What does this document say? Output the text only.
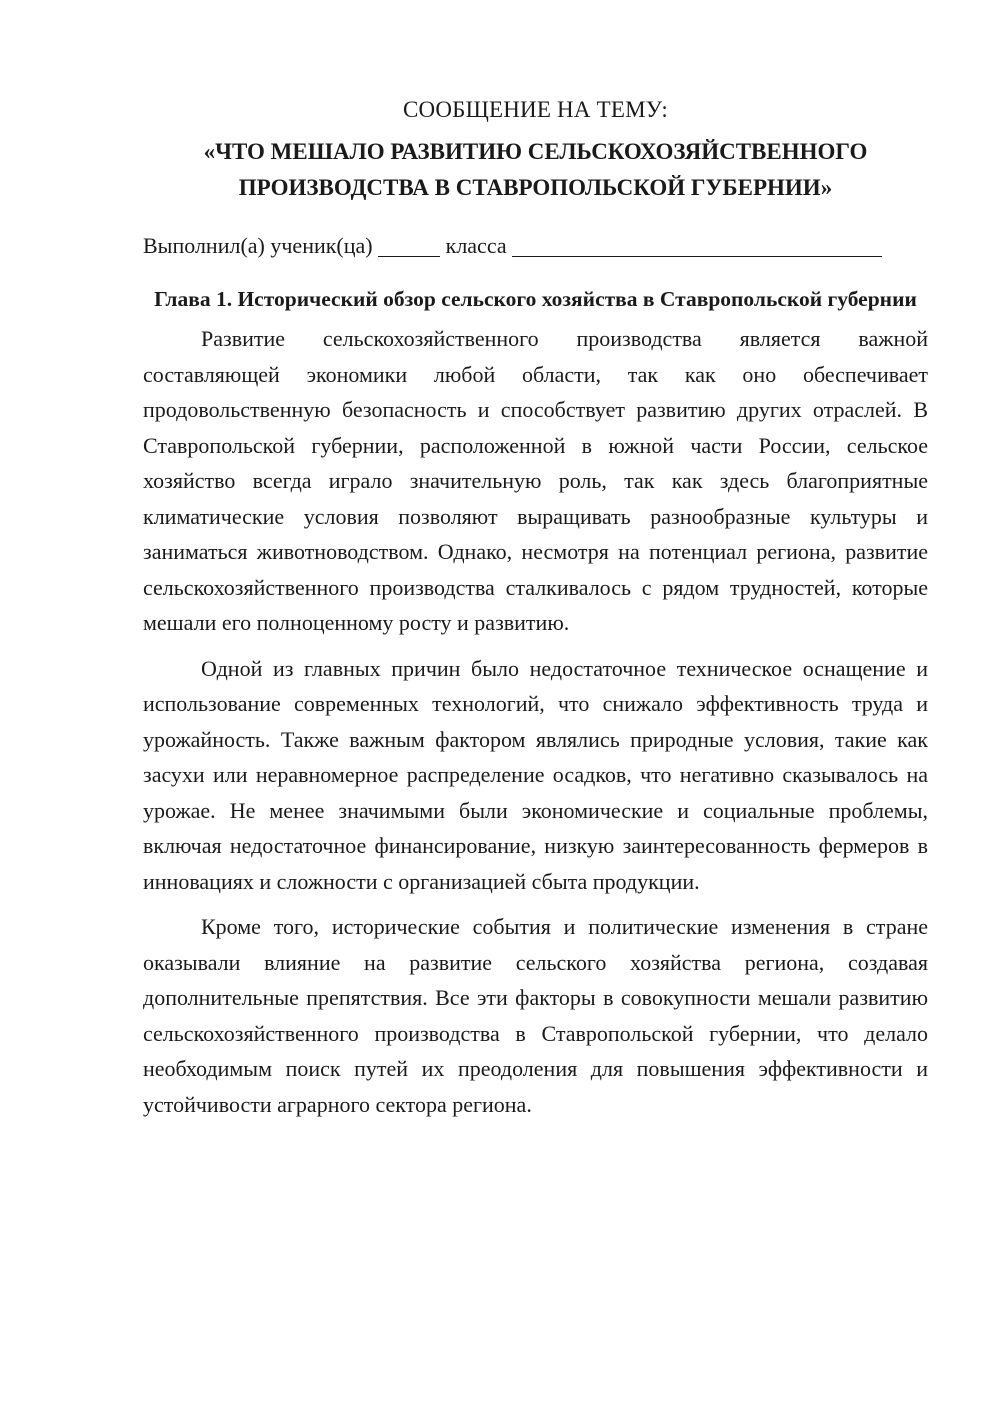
СООБЩЕНИЕ НА ТЕМУ:

«ЧТО МЕШАЛО РАЗВИТИЮ СЕЛЬСКОХОЗЯЙСТВЕННОГО
ПРОИЗВОДСТВА В СТАВРОПОЛЬСКОЙ ГУБЕРНИИ»

Выполнил(а) ученик(ца)	класса

Глава 1. Исторический обзор сельского хозяйства в Ставропольской губернии

Развитие сельскохозяйственного производства является важной составляющей экономики любой области, так как оно обеспечивает продовольственную безопасность и способствует развитию других отраслей. В Ставропольской губернии, расположенной в южной части России, сельское хозяйство всегда играло значительную роль, так как здесь благоприятные климатические условия позволяют выращивать разнообразные культуры и заниматься животноводством. Однако, несмотря на потенциал региона, развитие сельскохозяйственного производства сталкивалось с рядом трудностей, которые мешали его полноценному росту и развитию.

Одной из главных причин было недостаточное техническое оснащение и использование современных технологий, что снижало эффективность труда и урожайность. Также важным фактором являлись природные условия, такие как засухи или неравномерное распределение осадков, что негативно сказывалось на урожае. Не менее значимыми были экономические и социальные проблемы, включая недостаточное финансирование, низкую заинтересованность фермеров в инновациях и сложности с организацией сбыта продукции.

Кроме того, исторические события и политические изменения в стране оказывали влияние на развитие сельского хозяйства региона, создавая дополнительные препятствия. Все эти факторы в совокупности мешали развитию сельскохозяйственного производства в Ставропольской губернии, что делало необходимым поиск путей их преодоления для повышения эффективности и устойчивости аграрного сектора региона.
